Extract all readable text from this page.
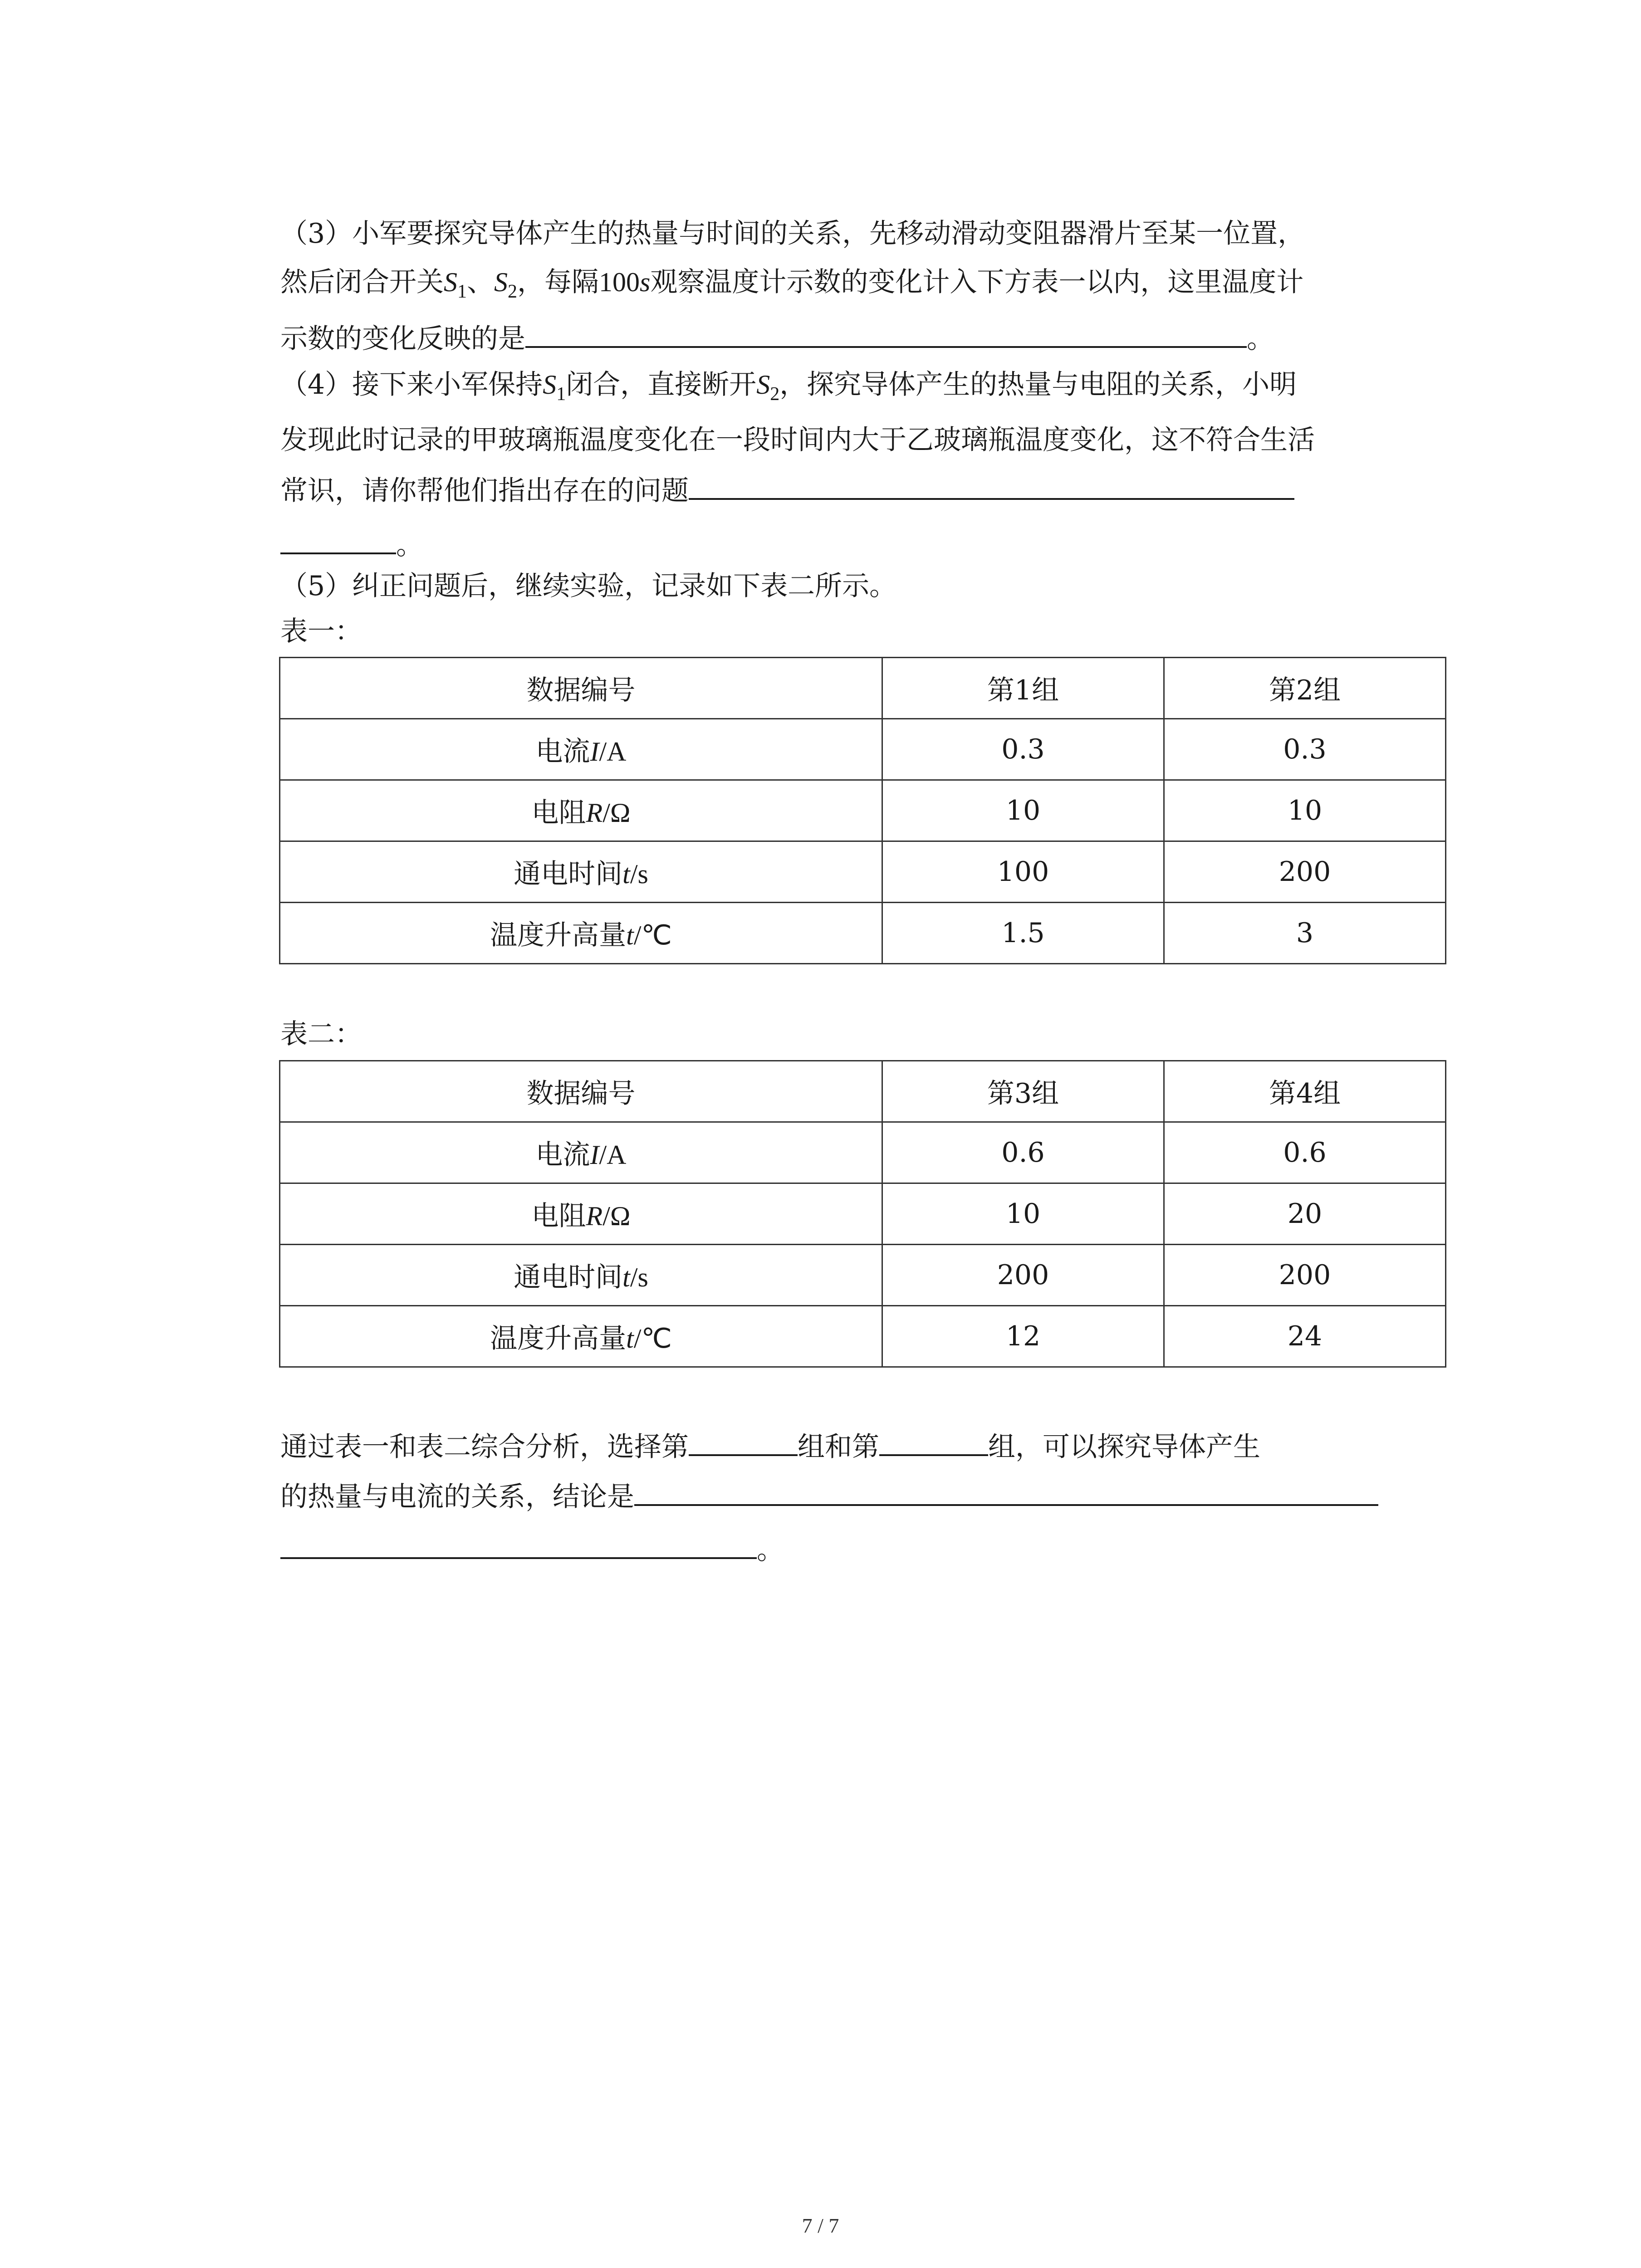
（3）小军要探究导体产生的热量与时间的关系，先移动滑动变阻器滑片至某一位置，
然后闭合开关$S_1$、$S_2$，每隔100s观察温度计示数的变化计入下方表一以内，这里温度计
示数的变化反映的是	。
（4）接下来小军保持$S_1$闭合，直接断开$S_2$，探究导体产生的热量与电阻的关系，小明
发现此时记录的甲玻璃瓶温度变化在一段时间内大于乙玻璃瓶温度变化，这不符合生活
常识，请你帮他们指出存在的问题
。
（5）纠正问题后，继续实验，记录如下表二所示。
表一：
数据编号	第1组	第2组
电流I/A	0.3	0.3
电阻R/Ω	10	10
通电时间t/s	100	200
温度升高量t/℃	1.5	3
表二：
数据编号	第3组	第4组
电流I/A	0.6	0.6
电阻R/Ω	10	20
通电时间t/s	200	200
温度升高量t/℃	12	24
通过表一和表二综合分析，选择第	组和第	组，可以探究导体产生
的热量与电流的关系，结论是
。
7 / 7
